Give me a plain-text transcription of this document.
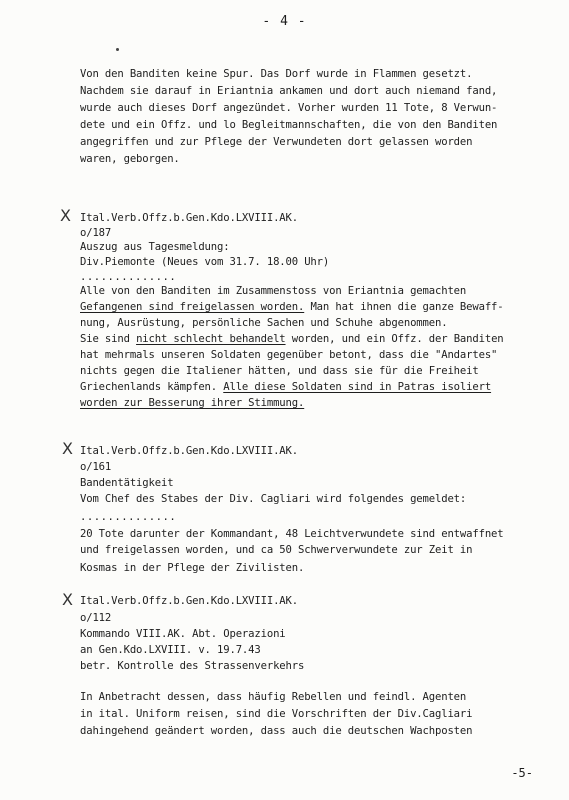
- 4 -
Von den Banditen keine Spur. Das Dorf wurde in Flammen gesetzt.
Nachdem sie darauf in Eriantnia ankamen und dort auch niemand fand,
wurde auch dieses Dorf angezündet. Vorher wurden 11 Tote, 8 Verwun-
dete und ein Offz. und lo Begleitmannschaften, die von den Banditen
angegriffen und zur Pflege der Verwundeten dort gelassen worden
waren, geborgen.
X Ital.Verb.Offz.b.Gen.Kdo.LXVIII.AK.
o/187
Auszug aus Tagesmeldung:
Div.Piemonte (Neues vom 31.7. 18.00 Uhr)
..............
Alle von den Banditen im Zusammenstoss von Eriantnia gemachten
Gefangenen sind freigelassen worden. Man hat ihnen die ganze Bewaff-
nung, Ausrüstung, persönliche Sachen und Schuhe abgenommen.
Sie sind nicht schlecht behandelt worden, und ein Offz. der Banditen
hat mehrmals unseren Soldaten gegenüber betont, dass die "Andartes"
nichts gegen die Italiener hätten, und dass sie für die Freiheit
Griechenlands kämpfen. Alle diese Soldaten sind in Patras isoliert
worden zur Besserung ihrer Stimmung.
X Ital.Verb.Offz.b.Gen.Kdo.LXVIII.AK.
o/161
Bandentätigkeit
Vom Chef des Stabes der Div. Cagliari wird folgendes gemeldet:
..............
20 Tote darunter der Kommandant, 48 Leichtverwundete sind entwaffnet
und freigelassen worden, und ca 50 Schwerverwundete zur Zeit in
Kosmas in der Pflege der Zivilisten.
X Ital.Verb.Offz.b.Gen.Kdo.LXVIII.AK.
o/112
Kommando VIII.AK. Abt. Operazioni
an Gen.Kdo.LXVIII. v. 19.7.43
betr. Kontrolle des Strassenverkehrs
In Anbetracht dessen, dass häufig Rebellen und feindl. Agenten
in ital. Uniform reisen, sind die Vorschriften der Div.Cagliari
dahingehend geändert worden, dass auch die deutschen Wachposten
-5-
